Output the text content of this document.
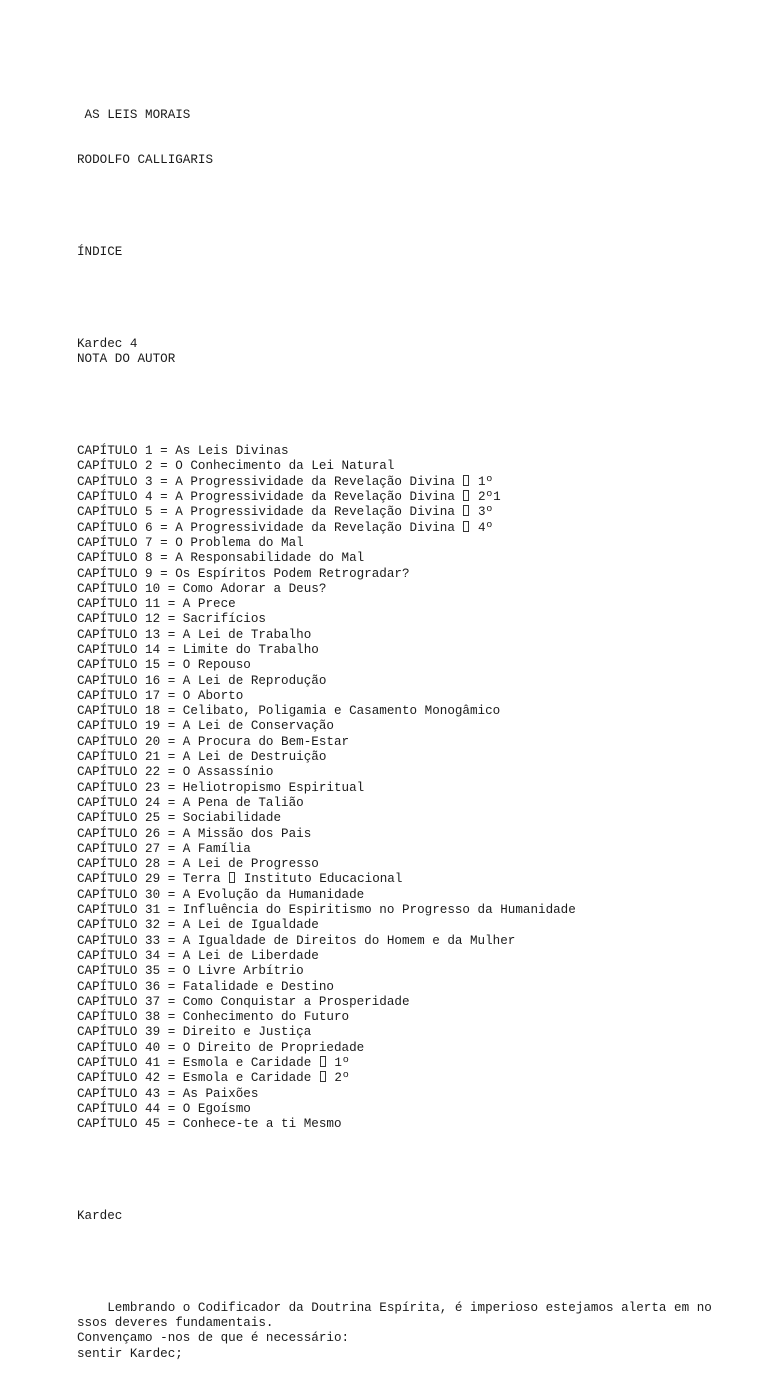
AS LEIS MORAIS

RODOLFO CALLIGARIS

ÍNDICE

Kardec 4
NOTA DO AUTOR

CAPÍTULO 1 = As Leis Divinas
CAPÍTULO 2 = O Conhecimento da Lei Natural
CAPÍTULO 3 = A Progressividade da Revelação Divina  1º
CAPÍTULO 4 = A Progressividade da Revelação Divina  2º1
CAPÍTULO 5 = A Progressividade da Revelação Divina  3º
CAPÍTULO 6 = A Progressividade da Revelação Divina  4º
CAPÍTULO 7 = O Problema do Mal
CAPÍTULO 8 = A Responsabilidade do Mal
CAPÍTULO 9 = Os Espíritos Podem Retrogradar?
CAPÍTULO 10 = Como Adorar a Deus?
CAPÍTULO 11 = A Prece
CAPÍTULO 12 = Sacrifícios
CAPÍTULO 13 = A Lei de Trabalho
CAPÍTULO 14 = Limite do Trabalho
CAPÍTULO 15 = O Repouso
CAPÍTULO 16 = A Lei de Reprodução
CAPÍTULO 17 = O Aborto
CAPÍTULO 18 = Celibato, Poligamia e Casamento Monogâmico
CAPÍTULO 19 = A Lei de Conservação
CAPÍTULO 20 = A Procura do Bem-Estar
CAPÍTULO 21 = A Lei de Destruição
CAPÍTULO 22 = O Assassínio
CAPÍTULO 23 = Heliotropismo Espiritual
CAPÍTULO 24 = A Pena de Talião
CAPÍTULO 25 = Sociabilidade
CAPÍTULO 26 = A Missão dos Pais
CAPÍTULO 27 = A Família
CAPÍTULO 28 = A Lei de Progresso
CAPÍTULO 29 = Terra  Instituto Educacional
CAPÍTULO 30 = A Evolução da Humanidade
CAPÍTULO 31 = Influência do Espiritismo no Progresso da Humanidade
CAPÍTULO 32 = A Lei de Igualdade
CAPÍTULO 33 = A Igualdade de Direitos do Homem e da Mulher
CAPÍTULO 34 = A Lei de Liberdade
CAPÍTULO 35 = O Livre Arbítrio
CAPÍTULO 36 = Fatalidade e Destino
CAPÍTULO 37 = Como Conquistar a Prosperidade
CAPÍTULO 38 = Conhecimento do Futuro
CAPÍTULO 39 = Direito e Justiça
CAPÍTULO 40 = O Direito de Propriedade
CAPÍTULO 41 = Esmola e Caridade  1º
CAPÍTULO 42 = Esmola e Caridade  2º
CAPÍTULO 43 = As Paixões
CAPÍTULO 44 = O Egoísmo
CAPÍTULO 45 = Conhece-te a ti Mesmo

Kardec

Lembrando o Codificador da Doutrina Espírita, é imperioso estejamos alerta em no
ssos deveres fundamentais.
Convençamo -nos de que é necessário:
sentir Kardec;
